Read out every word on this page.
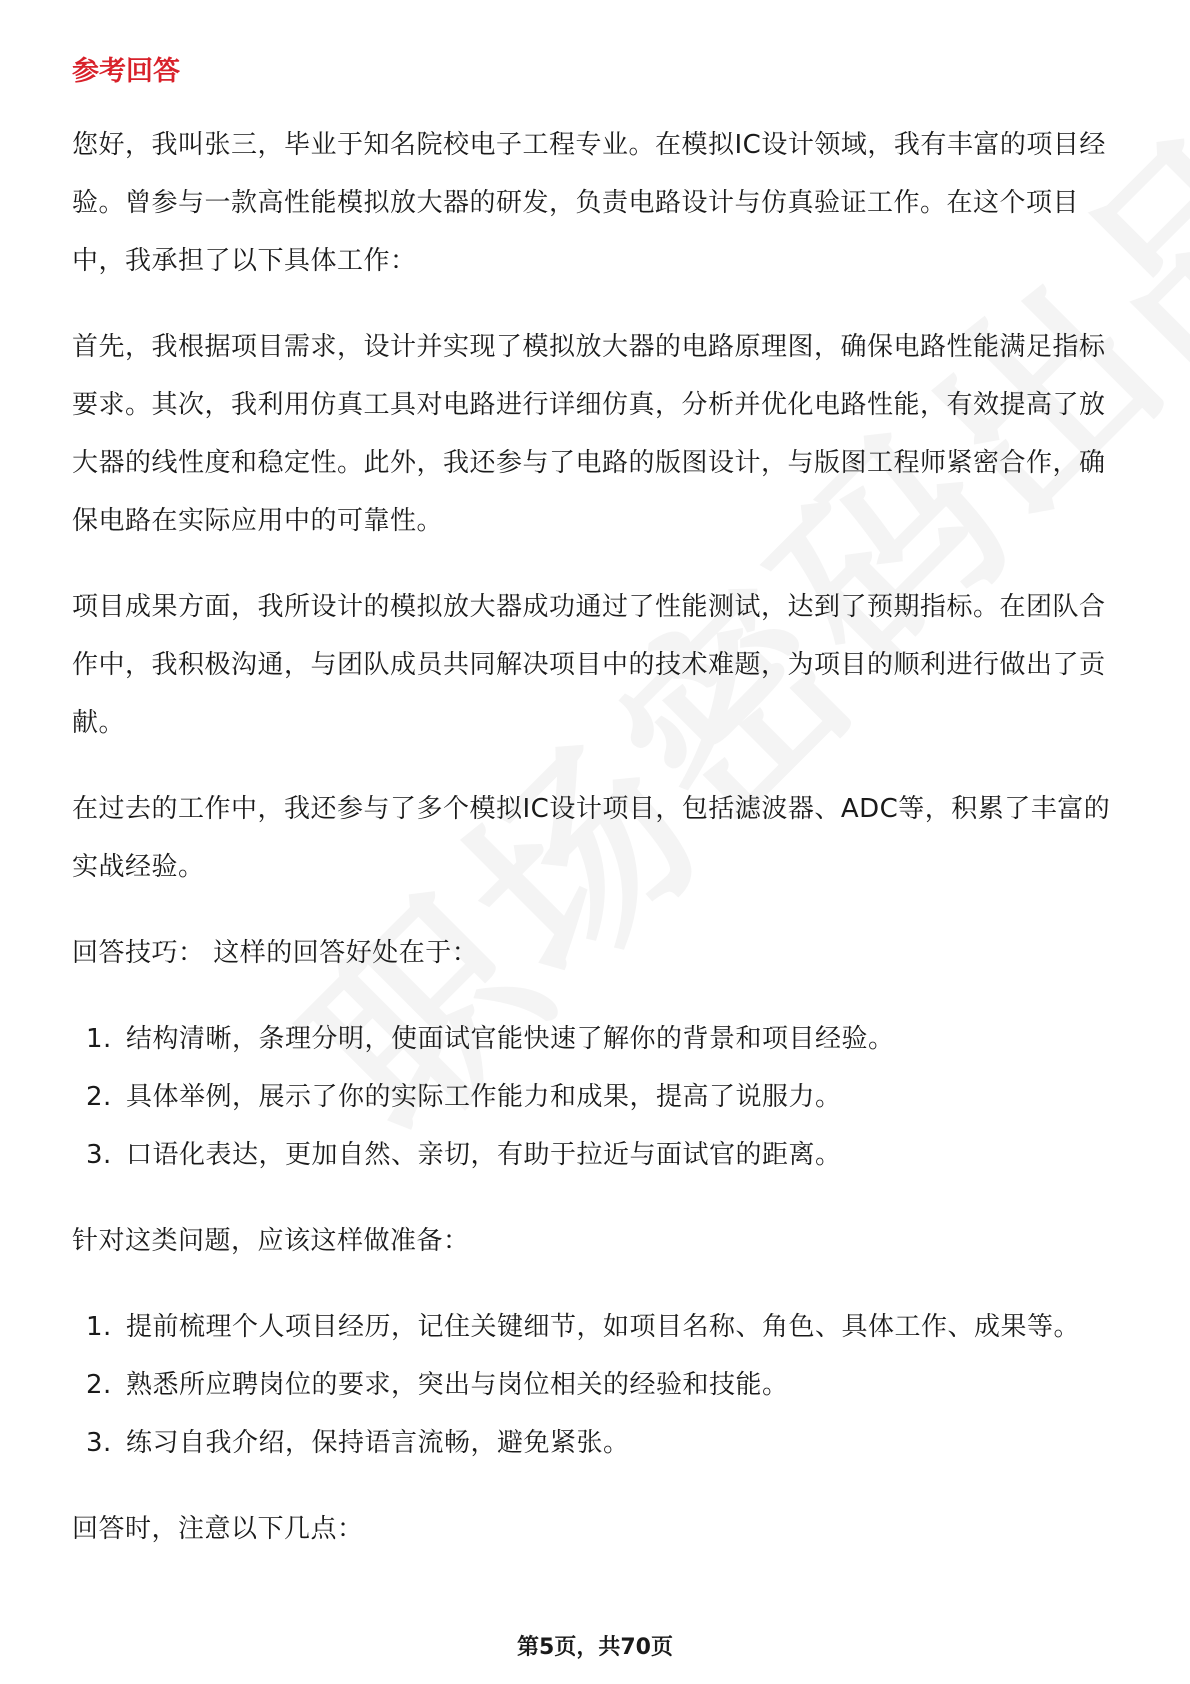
参考回答

您好，我叫张三，毕业于知名院校电子工程专业。在模拟IC设计领域，我有丰富的项目经验。曾参与一款高性能模拟放大器的研发，负责电路设计与仿真验证工作。在这个项目中，我承担了以下具体工作：

首先，我根据项目需求，设计并实现了模拟放大器的电路原理图，确保电路性能满足指标要求。其次，我利用仿真工具对电路进行详细仿真，分析并优化电路性能，有效提高了放大器的线性度和稳定性。此外，我还参与了电路的版图设计，与版图工程师紧密合作，确保电路在实际应用中的可靠性。

项目成果方面，我所设计的模拟放大器成功通过了性能测试，达到了预期指标。在团队合作中，我积极沟通，与团队成员共同解决项目中的技术难题，为项目的顺利进行做出了贡献。

在过去的工作中，我还参与了多个模拟IC设计项目，包括滤波器、ADC等，积累了丰富的实战经验。

回答技巧： 这样的回答好处在于：

1. 结构清晰，条理分明，使面试官能快速了解你的背景和项目经验。
2. 具体举例，展示了你的实际工作能力和成果，提高了说服力。
3. 口语化表达，更加自然、亲切，有助于拉近与面试官的距离。

针对这类问题，应该这样做准备：

1. 提前梳理个人项目经历，记住关键细节，如项目名称、角色、具体工作、成果等。
2. 熟悉所应聘岗位的要求，突出与岗位相关的经验和技能。
3. 练习自我介绍，保持语言流畅，避免紧张。

回答时，注意以下几点：

第5页，共70页
